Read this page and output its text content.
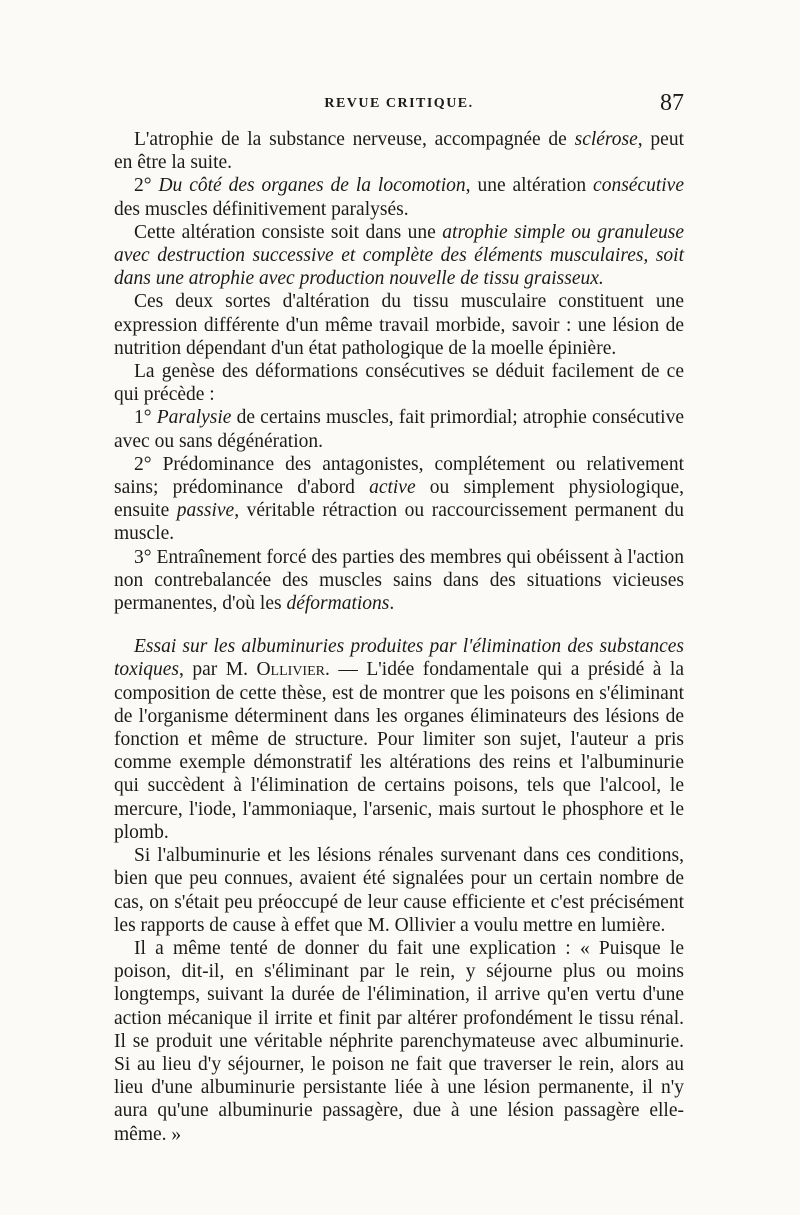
REVUE CRITIQUE.	87

L'atrophie de la substance nerveuse, accompagnée de sclérose, peut en être la suite.

2° Du côté des organes de la locomotion, une altération consécutive des muscles définitivement paralysés.

Cette altération consiste soit dans une atrophie simple ou granuleuse avec destruction successive et complète des éléments musculaires, soit dans une atrophie avec production nouvelle de tissu graisseux.

Ces deux sortes d'altération du tissu musculaire constituent une expression différente d'un même travail morbide, savoir : une lésion de nutrition dépendant d'un état pathologique de la moelle épinière.

La genèse des déformations consécutives se déduit facilement de ce qui précède :

1° Paralysie de certains muscles, fait primordial; atrophie consécutive avec ou sans dégénération.

2° Prédominance des antagonistes, complétement ou relativement sains; prédominance d'abord active ou simplement physiologique, ensuite passive, véritable rétraction ou raccourcissement permanent du muscle.

3° Entraînement forcé des parties des membres qui obéissent à l'action non contrebalancée des muscles sains dans des situations vicieuses permanentes, d'où les déformations.

Essai sur les albuminuries produites par l'élimination des substances toxiques, par M. Ollivier. — L'idée fondamentale qui a présidé à la composition de cette thèse, est de montrer que les poisons en s'éliminant de l'organisme déterminent dans les organes éliminateurs des lésions de fonction et même de structure. Pour limiter son sujet, l'auteur a pris comme exemple démonstratif les altérations des reins et l'albuminurie qui succèdent à l'élimination de certains poisons, tels que l'alcool, le mercure, l'iode, l'ammoniaque, l'arsenic, mais surtout le phosphore et le plomb.

Si l'albuminurie et les lésions rénales survenant dans ces conditions, bien que peu connues, avaient été signalées pour un certain nombre de cas, on s'était peu préoccupé de leur cause efficiente et c'est précisément les rapports de cause à effet que M. Ollivier a voulu mettre en lumière.

Il a même tenté de donner du fait une explication : « Puisque le poison, dit-il, en s'éliminant par le rein, y séjourne plus ou moins longtemps, suivant la durée de l'élimination, il arrive qu'en vertu d'une action mécanique il irrite et finit par altérer profondément le tissu rénal. Il se produit une véritable néphrite parenchymateuse avec albuminurie. Si au lieu d'y séjourner, le poison ne fait que traverser le rein, alors au lieu d'une albuminurie persistante liée à une lésion permanente, il n'y aura qu'une albuminurie passagère, due à une lésion passagère elle-même. »
